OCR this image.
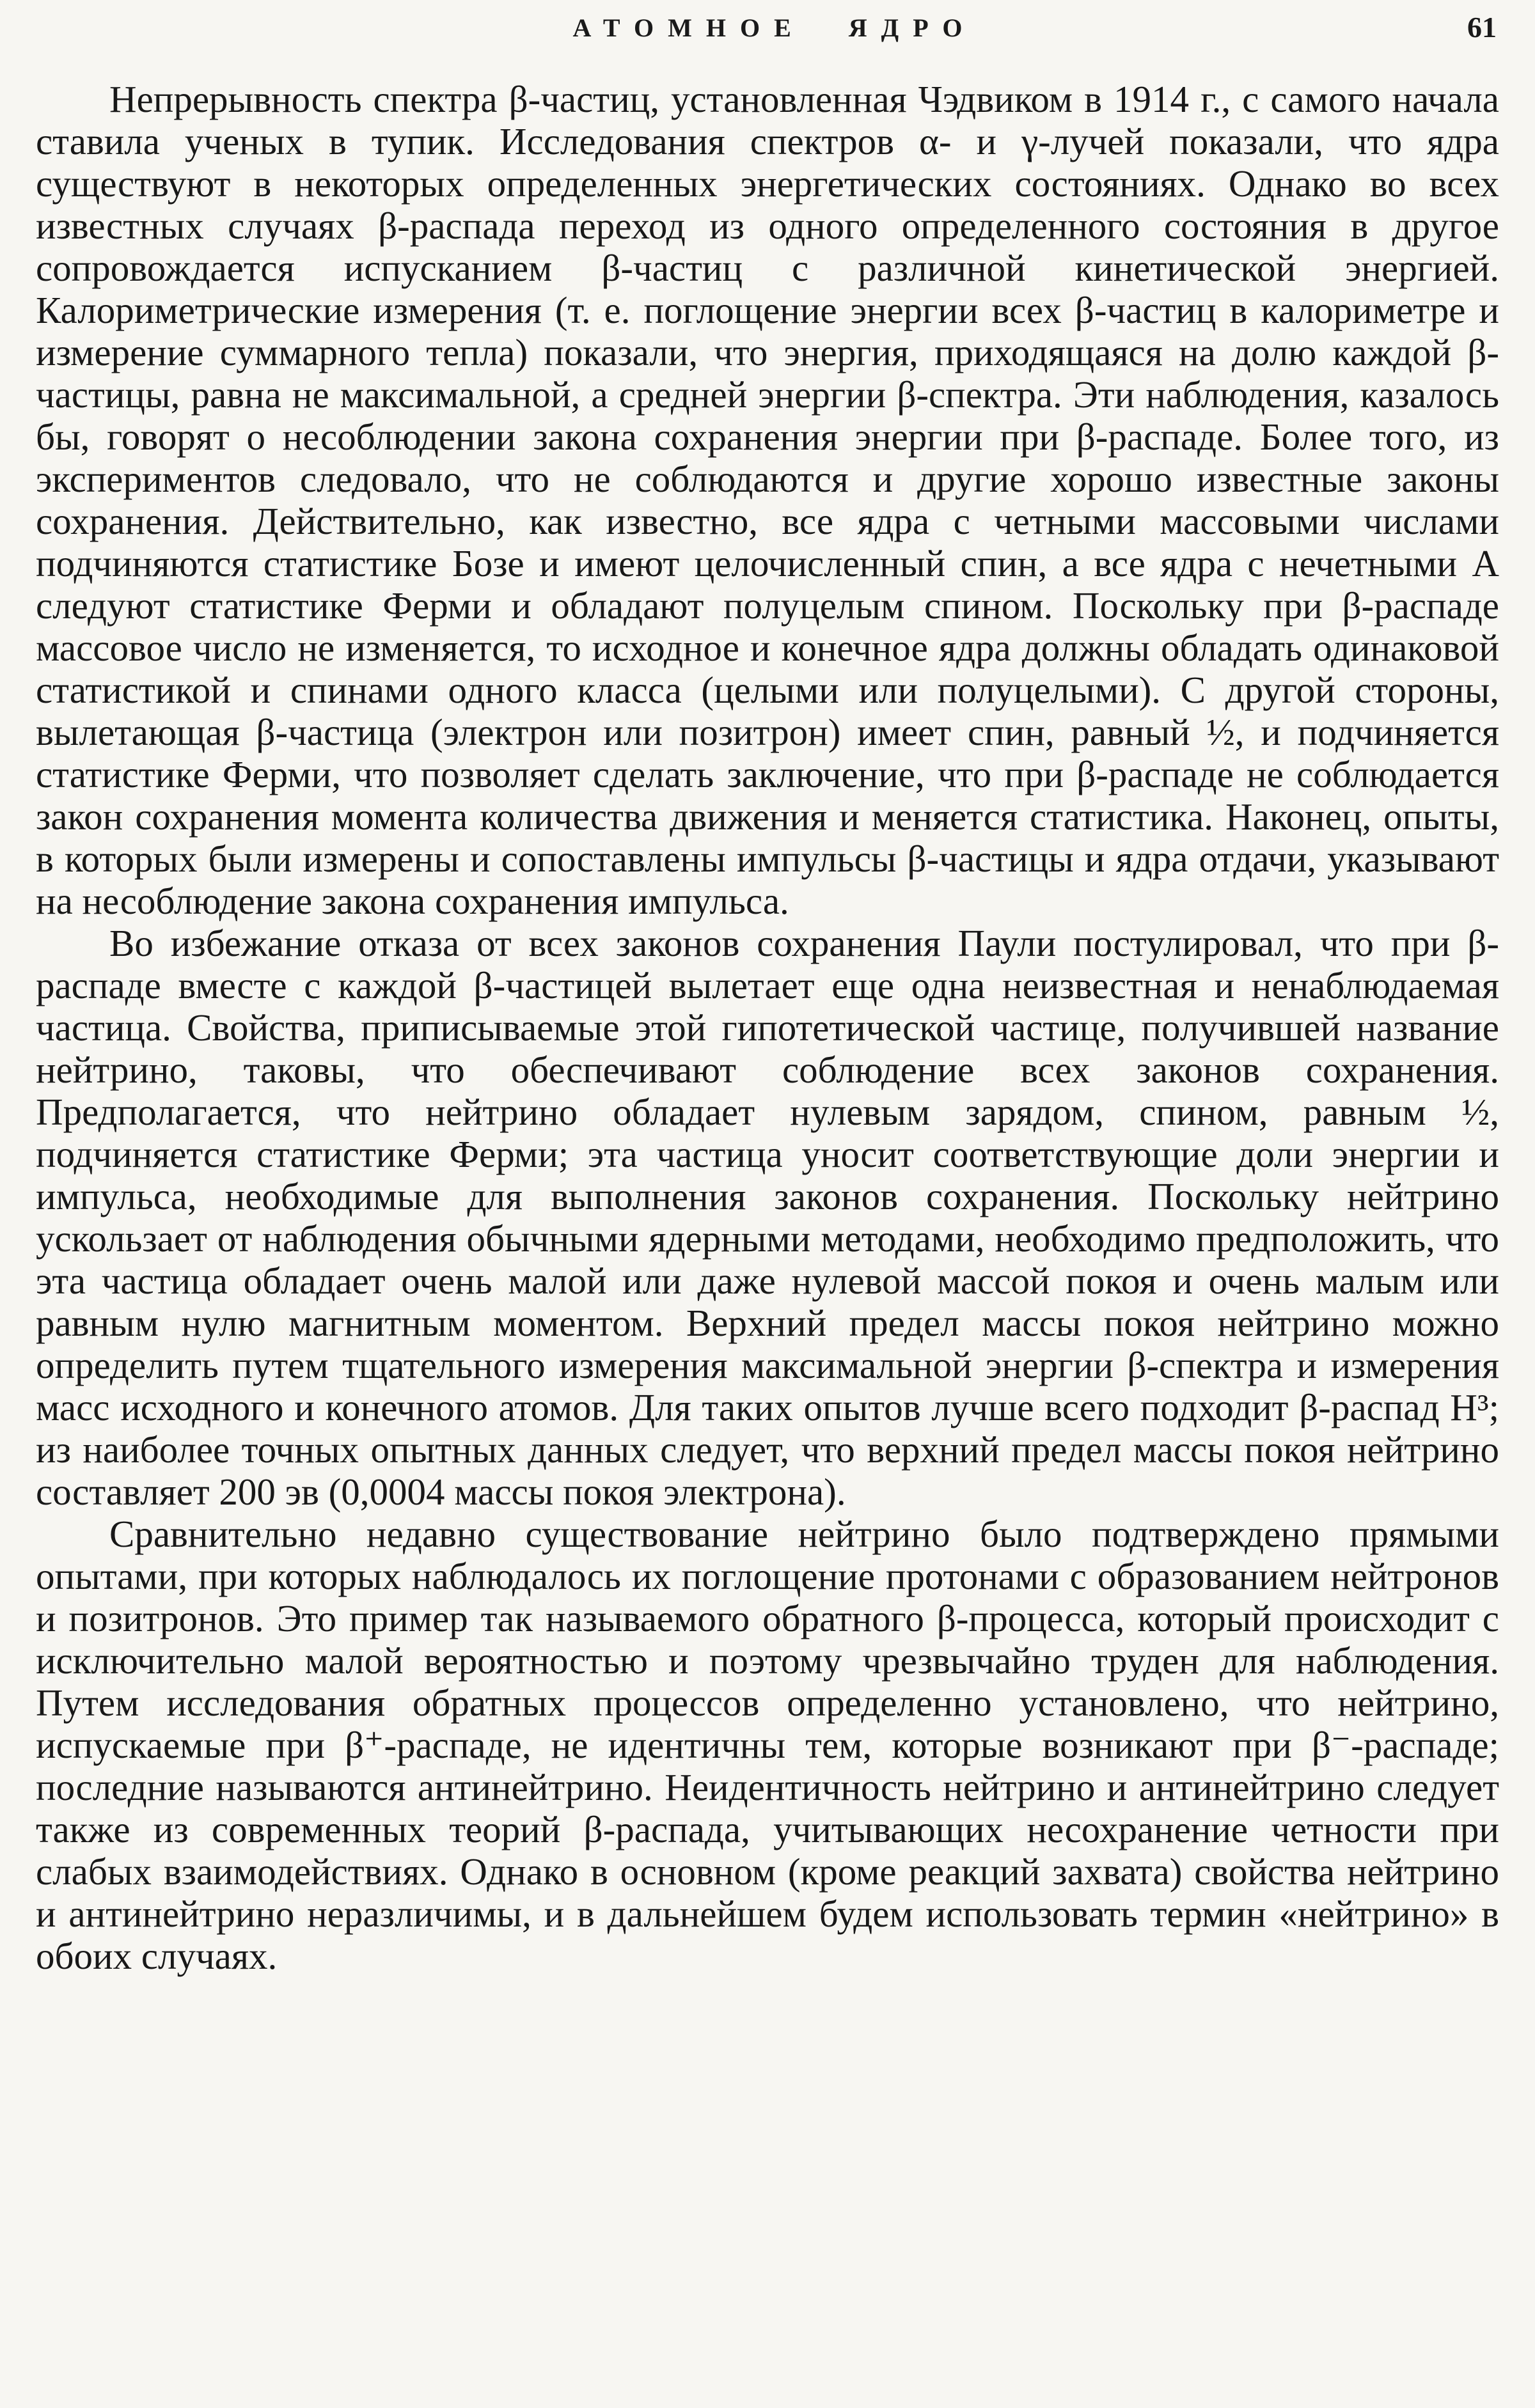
АТОМНОЕ ЯДРО	61

Непрерывность спектра β-частиц, установленная Чэдвиком в 1914 г., с самого начала ставила ученых в тупик. Исследования спектров α- и γ-лучей показали, что ядра существуют в некоторых определенных энергетических состояниях. Однако во всех известных случаях β-распада переход из одного определенного состояния в другое сопровождается испусканием β-частиц с различной кинетической энергией. Калориметрические измерения (т. е. поглощение энергии всех β-частиц в калориметре и измерение суммарного тепла) показали, что энергия, приходящаяся на долю каждой β-частицы, равна не максимальной, а средней энергии β-спектра. Эти наблюдения, казалось бы, говорят о несоблюдении закона сохранения энергии при β-распаде. Более того, из экспериментов следовало, что не соблюдаются и другие хорошо известные законы сохранения. Действительно, как известно, все ядра с четными массовыми числами подчиняются статистике Бозе и имеют целочисленный спин, а все ядра с нечетными A следуют статистике Ферми и обладают полуцелым спином. Поскольку при β-распаде массовое число не изменяется, то исходное и конечное ядра должны обладать одинаковой статистикой и спинами одного класса (целыми или полуцелыми). С другой стороны, вылетающая β-частица (электрон или позитрон) имеет спин, равный ½, и подчиняется статистике Ферми, что позволяет сделать заключение, что при β-распаде не соблюдается закон сохранения момента количества движения и меняется статистика. Наконец, опыты, в которых были измерены и сопоставлены импульсы β-частицы и ядра отдачи, указывают на несоблюдение закона сохранения импульса.

Во избежание отказа от всех законов сохранения Паули постулировал, что при β-распаде вместе с каждой β-частицей вылетает еще одна неизвестная и ненаблюдаемая частица. Свойства, приписываемые этой гипотетической частице, получившей название нейтрино, таковы, что обеспечивают соблюдение всех законов сохранения. Предполагается, что нейтрино обладает нулевым зарядом, спином, равным ½, подчиняется статистике Ферми; эта частица уносит соответствующие доли энергии и импульса, необходимые для выполнения законов сохранения. Поскольку нейтрино ускользает от наблюдения обычными ядерными методами, необходимо предположить, что эта частица обладает очень малой или даже нулевой массой покоя и очень малым или равным нулю магнитным моментом. Верхний предел массы покоя нейтрино можно определить путем тщательного измерения максимальной энергии β-спектра и измерения масс исходного и конечного атомов. Для таких опытов лучше всего подходит β-распад H³; из наиболее точных опытных данных следует, что верхний предел массы покоя нейтрино составляет 200 эв (0,0004 массы покоя электрона).

Сравнительно недавно существование нейтрино было подтверждено прямыми опытами, при которых наблюдалось их поглощение протонами с образованием нейтронов и позитронов. Это пример так называемого обратного β-процесса, который происходит с исключительно малой вероятностью и поэтому чрезвычайно труден для наблюдения. Путем исследования обратных процессов определенно установлено, что нейтрино, испускаемые при β⁺-распаде, не идентичны тем, которые возникают при β⁻-распаде; последние называются антинейтрино. Неидентичность нейтрино и антинейтрино следует также из современных теорий β-распада, учитывающих несохранение четности при слабых взаимодействиях. Однако в основном (кроме реакций захвата) свойства нейтрино и антинейтрино неразличимы, и в дальнейшем будем использовать термин «нейтрино» в обоих случаях.
